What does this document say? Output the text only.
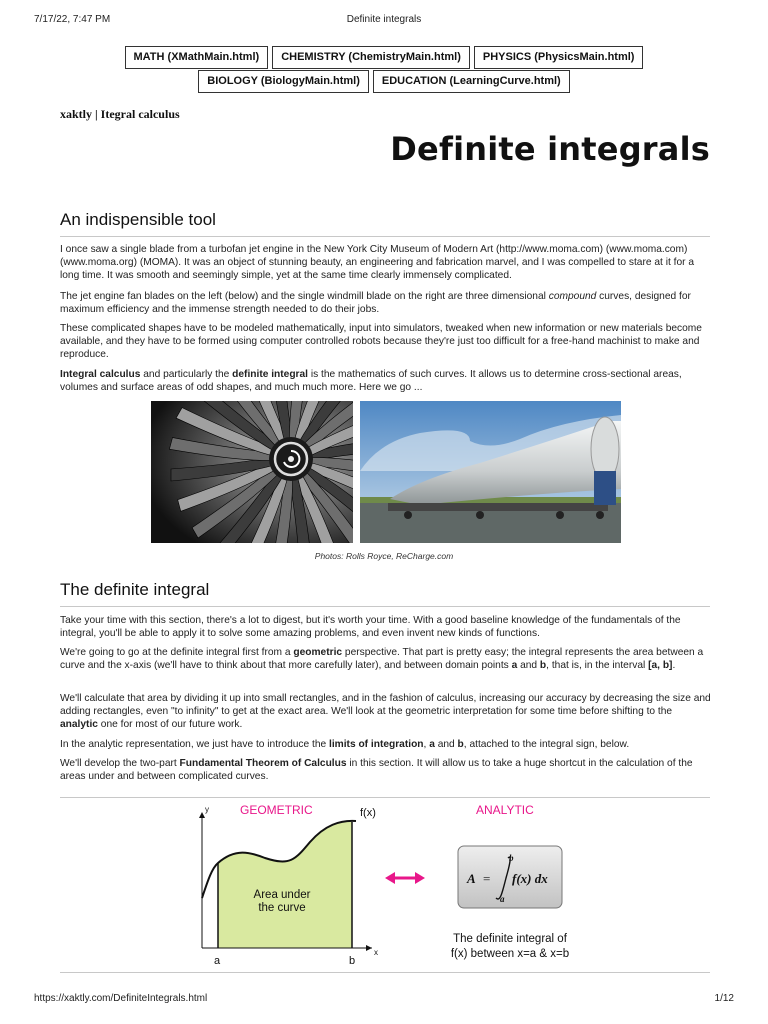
7/17/22, 7:47 PM	Definite integrals
MATH (XMathMain.html)	CHEMISTRY (ChemistryMain.html)	PHYSICS (PhysicsMain.html)
BIOLOGY (BiologyMain.html)	EDUCATION (LearningCurve.html)
xaktly | Itegral calculus
Definite integrals
An indispensible tool

I once saw a single blade from a turbofan jet engine in the New York City Museum of Modern Art (http://www.moma.com) (www.moma.com) (www.moma.org) (MOMA). It was an object of stunning beauty, an engineering and fabrication marvel, and I was compelled to stare at it for a long time. It was smooth and seemingly simple, yet at the same time clearly immensely complicated.

The jet engine fan blades on the left (below) and the single windmill blade on the right are three dimensional compound curves, designed for maximum efficiency and the immense strength needed to do their jobs.

These complicated shapes have to be modeled mathematically, input into simulators, tweaked when new information or new materials become available, and they have to be formed using computer controlled robots because they're just too difficult for a free-hand machinist to make and reproduce.

Integral calculus and particularly the definite integral is the mathematics of such curves. It allows us to determine cross-sectional areas, volumes and surface areas of odd shapes, and much much more. Here we go ...

Photos: Rolls Royce, ReCharge.com
The definite integral

Take your time with this section, there's a lot to digest, but it's worth your time. With a good baseline knowledge of the fundamentals of the integral, you'll be able to apply it to solve some amazing problems, and even invent new kinds of functions.

We're going to go at the definite integral first from a geometric perspective. That part is pretty easy; the integral represents the area between a curve and the x-axis (we'll have to think about that more carefully later), and between domain points a and b, that is, in the interval [a, b].

We'll calculate that area by dividing it up into small rectangles, and in the fashion of calculus, increasing our accuracy by decreasing the size and adding rectangles, even "to infinity" to get at the exact area. We'll look at the geometric interpretation for some time before shifting to the analytic one for most of our future work.

In the analytic representation, we just have to introduce the limits of integration, a and b, attached to the integral sign, below.

We'll develop the two-part Fundamental Theorem of Calculus in this section. It will allow us to take a huge shortcut in the calculation of the areas under and between complicated curves.

y
x
a	b
f(x)
GEOMETRIC
Area under
the curve
ANALYTIC
A =
b
a
f(x) dx
The definite integral of
f(x) between x=a & x=b
https://xaktly.com/DefiniteIntegrals.html	1/12
